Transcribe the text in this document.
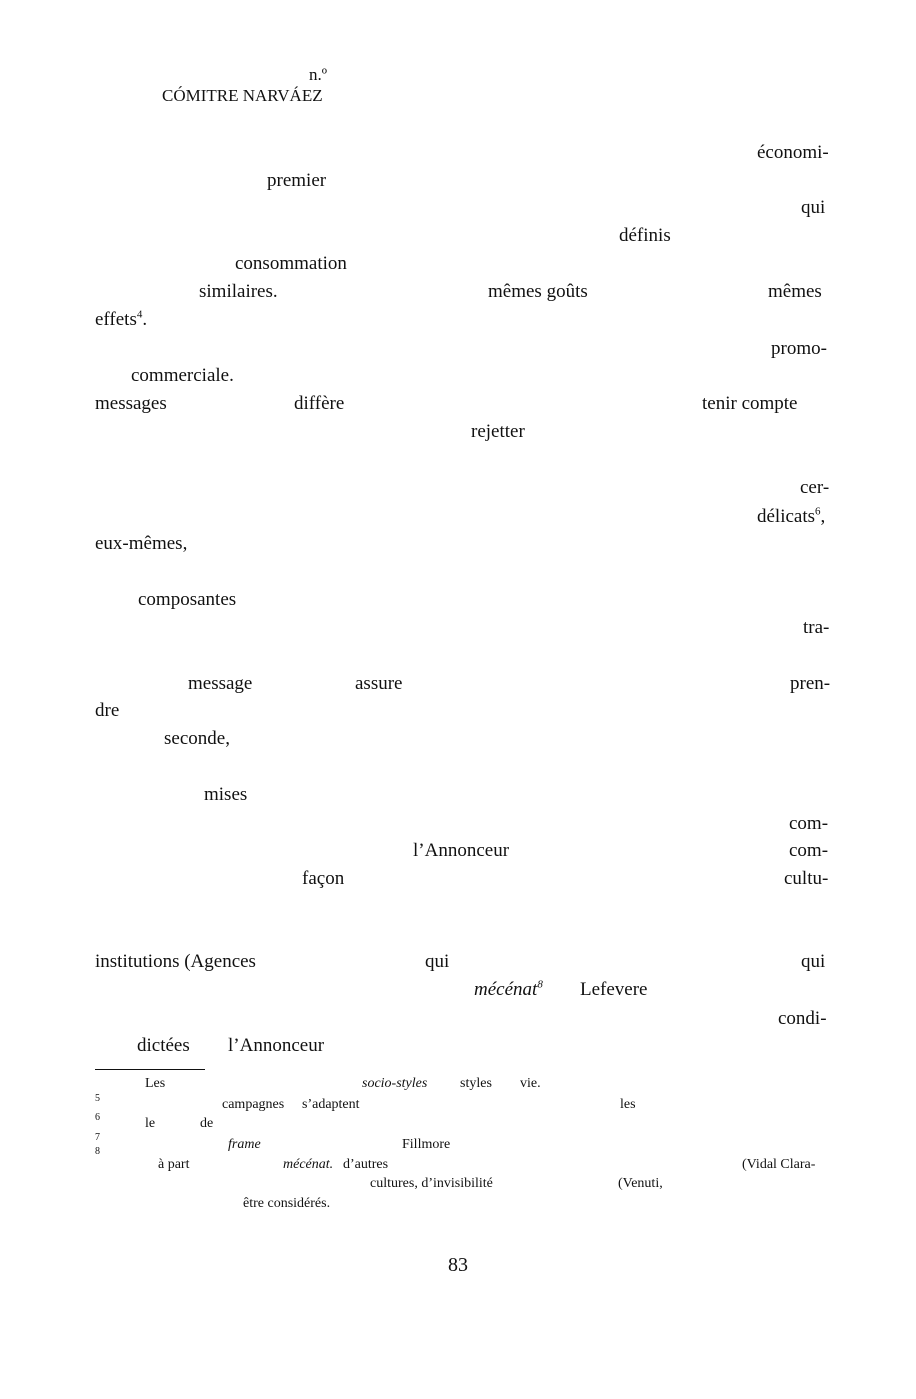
n.º
CÓMITRE NARVÁEZ
économi-
premier
qui
définis
consommation
similaires.	mêmes goûts	mêmes
effets$^4$.
promo-
commerciale.
messages	diffère	tenir compte
rejetter
cer-
délicats$^6$,
eux-mêmes,
composantes
tra-
message	assure	pren-
dre
seconde,
mises
com-
l’Annonceur	com-
façon	cultu-
institutions (Agences	qui	qui
mécénat$^8$ Lefevere
condi-
dictées l’Annonceur
Les	socio-styles styles vie.
5	campagnes s’adaptent	les
6	le	de
7	frame	Fillmore
8
à part	mécénat. d’autres	(Vidal Clara-
cultures, d’invisibilité	(Venuti,
être considérés.
83
